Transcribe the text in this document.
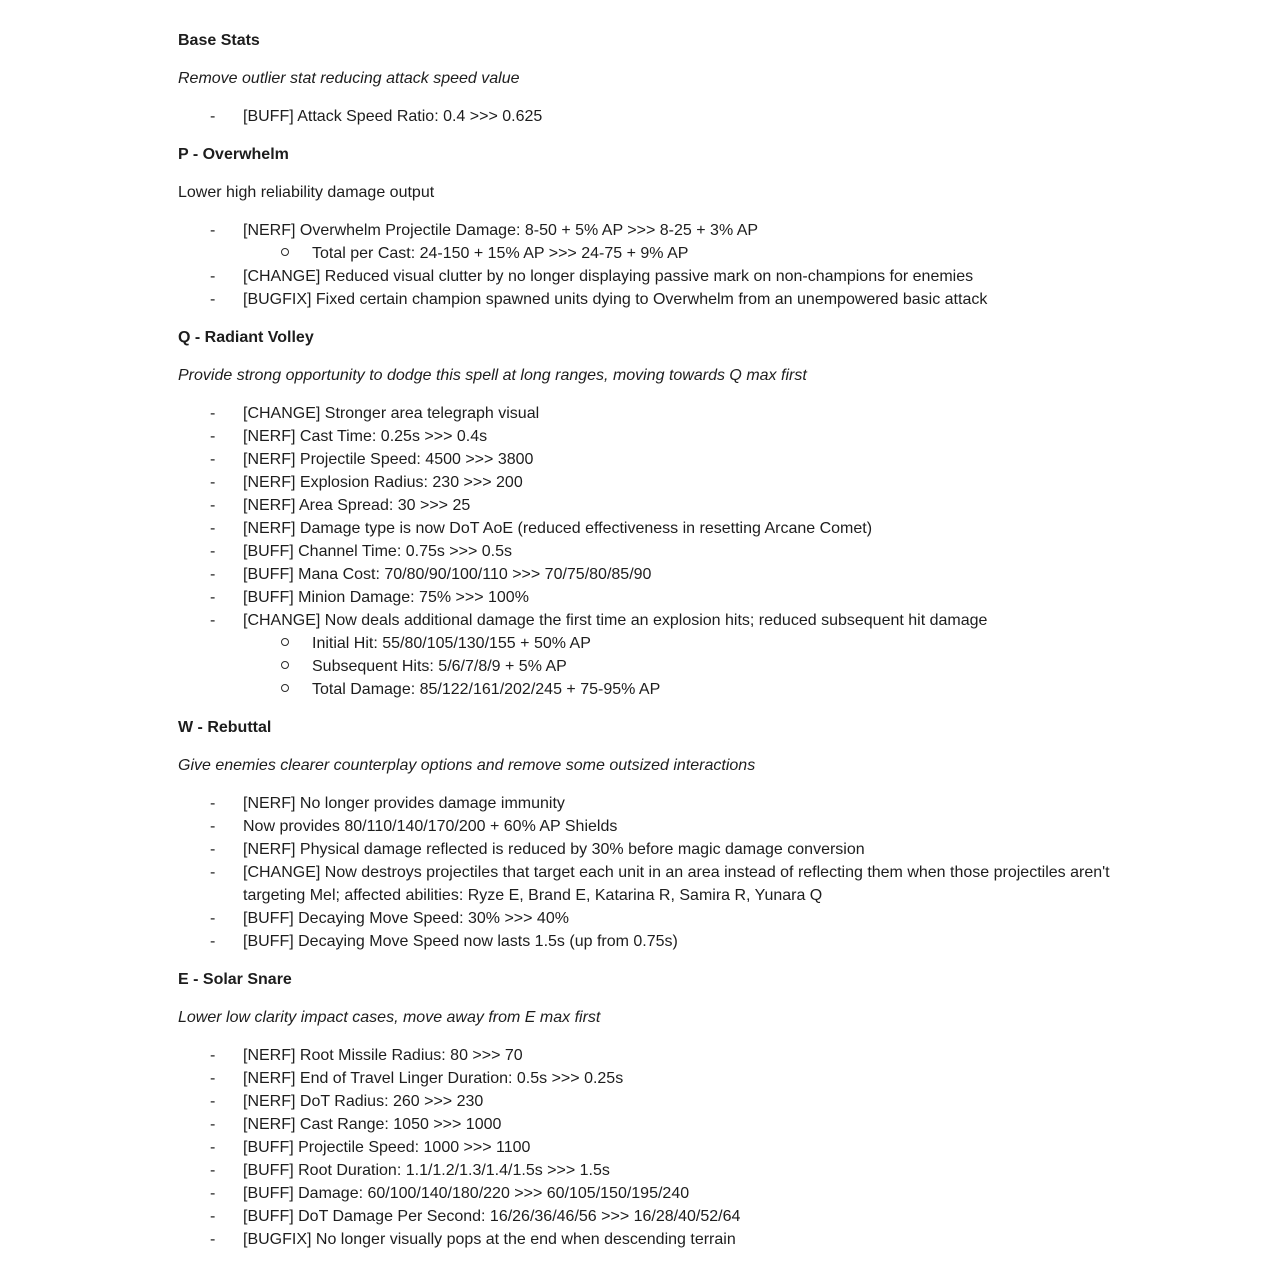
Base Stats
Remove outlier stat reducing attack speed value
-	[BUFF] Attack Speed Ratio: 0.4 >>> 0.625
P - Overwhelm
Lower high reliability damage output
-	[NERF] Overwhelm Projectile Damage: 8-50 + 5% AP >>> 8-25 + 3% AP
Total per Cast: 24-150 + 15% AP >>> 24-75 + 9% AP
-	[CHANGE] Reduced visual clutter by no longer displaying passive mark on non-champions for enemies
-	[BUGFIX] Fixed certain champion spawned units dying to Overwhelm from an unempowered basic attack
Q - Radiant Volley
Provide strong opportunity to dodge this spell at long ranges, moving towards Q max first
-	[CHANGE] Stronger area telegraph visual
-	[NERF] Cast Time: 0.25s >>> 0.4s
-	[NERF] Projectile Speed: 4500 >>> 3800
-	[NERF] Explosion Radius: 230 >>> 200
-	[NERF] Area Spread: 30 >>> 25
-	[NERF] Damage type is now DoT AoE (reduced effectiveness in resetting Arcane Comet)
-	[BUFF] Channel Time: 0.75s >>> 0.5s
-	[BUFF] Mana Cost: 70/80/90/100/110 >>> 70/75/80/85/90
-	[BUFF] Minion Damage: 75% >>> 100%
-	[CHANGE] Now deals additional damage the first time an explosion hits; reduced subsequent hit damage
Initial Hit: 55/80/105/130/155 + 50% AP
Subsequent Hits: 5/6/7/8/9 + 5% AP
Total Damage: 85/122/161/202/245 + 75-95% AP
W - Rebuttal
Give enemies clearer counterplay options and remove some outsized interactions
-	[NERF] No longer provides damage immunity
-	Now provides 80/110/140/170/200 + 60% AP Shields
-	[NERF] Physical damage reflected is reduced by 30% before magic damage conversion
-	[CHANGE] Now destroys projectiles that target each unit in an area instead of reflecting them when those projectiles aren't targeting Mel; affected abilities: Ryze E, Brand E, Katarina R, Samira R, Yunara Q
-	[BUFF] Decaying Move Speed: 30% >>> 40%
-	[BUFF] Decaying Move Speed now lasts 1.5s (up from 0.75s)
E - Solar Snare
Lower low clarity impact cases, move away from E max first
-	[NERF] Root Missile Radius: 80 >>> 70
-	[NERF] End of Travel Linger Duration: 0.5s >>> 0.25s
-	[NERF] DoT Radius: 260 >>> 230
-	[NERF] Cast Range: 1050 >>> 1000
-	[BUFF] Projectile Speed: 1000 >>> 1100
-	[BUFF] Root Duration: 1.1/1.2/1.3/1.4/1.5s >>> 1.5s
-	[BUFF] Damage: 60/100/140/180/220 >>> 60/105/150/195/240
-	[BUFF] DoT Damage Per Second: 16/26/36/46/56 >>> 16/28/40/52/64
-	[BUGFIX] No longer visually pops at the end when descending terrain
